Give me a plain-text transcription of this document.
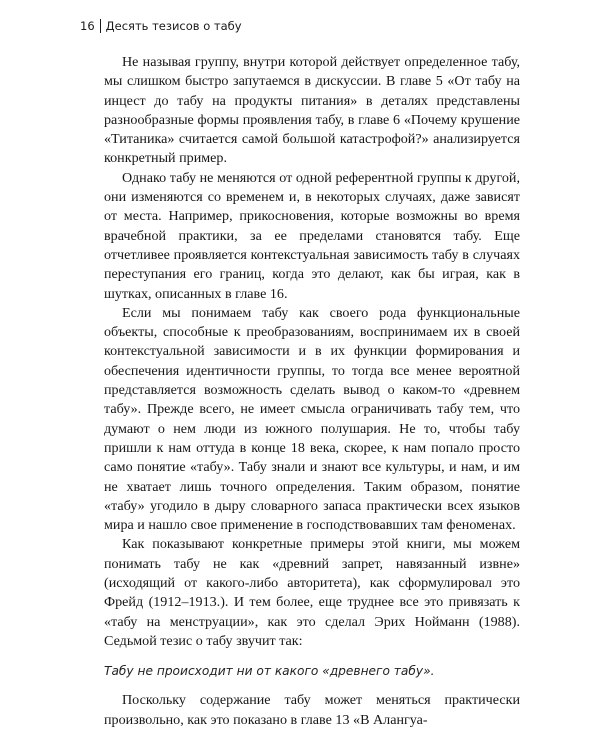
16 Десять тезисов о табу

Не называя группу, внутри которой действует определенное табу, мы слишком быстро запутаемся в дискуссии. В главе 5 «От табу на инцест до табу на продукты питания» в деталях представлены разнообразные формы проявления табу, в главе 6 «Почему крушение «Титаника» считается самой большой катастрофой?» анализируется конкретный пример.

Однако табу не меняются от одной референтной группы к другой, они изменяются со временем и, в некоторых случаях, даже зависят от места. Например, прикосновения, которые возможны во время врачебной практики, за ее пределами становятся табу. Еще отчетливее проявляется контекстуальная зависимость табу в случаях переступания его границ, когда это делают, как бы играя, как в шутках, описанных в главе 16.

Если мы понимаем табу как своего рода функциональные объекты, способные к преобразованиям, воспринимаем их в своей контекстуальной зависимости и в их функции формирования и обеспечения идентичности группы, то тогда все менее вероятной представляется возможность сделать вывод о каком-то «древнем табу». Прежде всего, не имеет смысла ограничивать табу тем, что думают о нем люди из южного полушария. Не то, чтобы табу пришли к нам оттуда в конце 18 века, скорее, к нам попало просто само понятие «табу». Табу знали и знают все культуры, и нам, и им не хватает лишь точного определения. Таким образом, понятие «табу» угодило в дыру словарного запаса практически всех языков мира и нашло свое применение в господствовавших там феноменах.

Как показывают конкретные примеры этой книги, мы можем понимать табу не как «древний запрет, навязанный извне» (исходящий от какого-либо авторитета), как сформулировал это Фрейд (1912–1913.). И тем более, еще труднее все это привязать к «табу на менструации», как это сделал Эрих Нойманн (1988). Седьмой тезис о табу звучит так:

Табу не происходит ни от какого «древнего табу».

Поскольку содержание табу может меняться практически произвольно, как это показано в главе 13 «В Алангуа-
